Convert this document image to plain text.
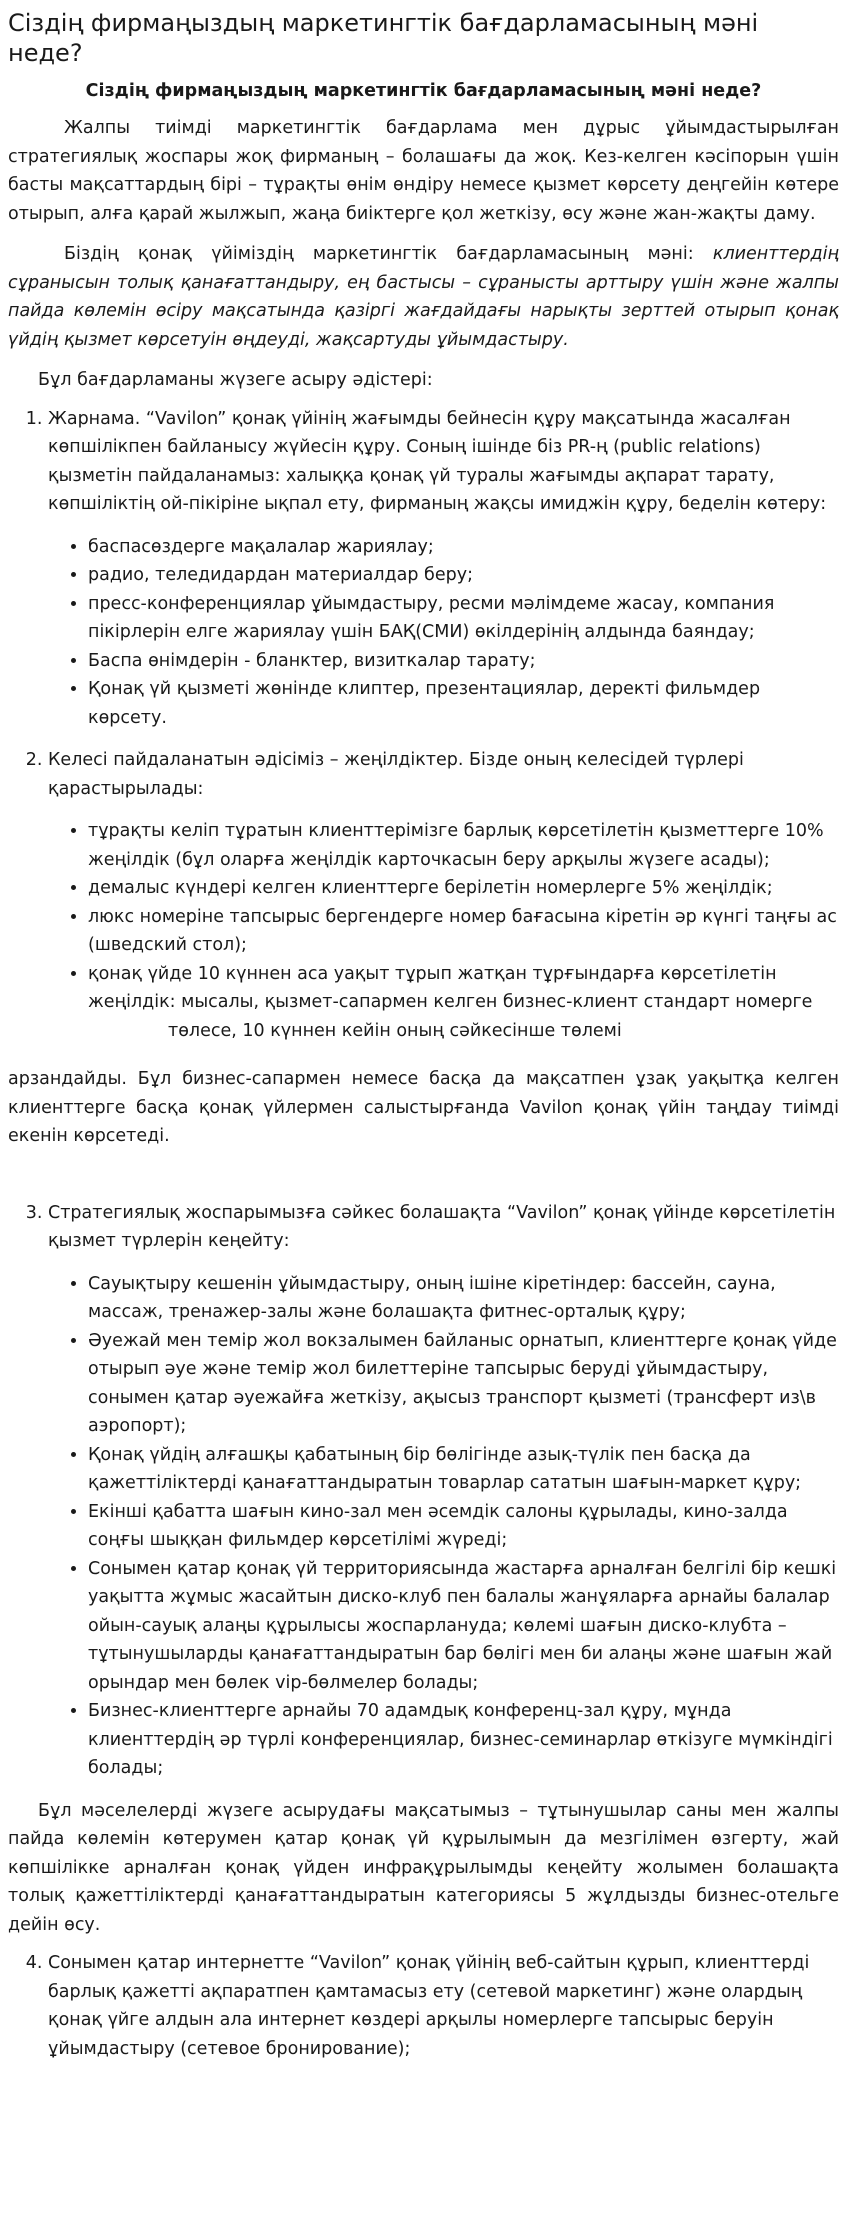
Сіздің фирмаңыздың маркетингтік бағдарламасының мәні неде?
Сіздің фирмаңыздың маркетингтік бағдарламасының мәні неде?

Жалпы тиімді маркетингтік бағдарлама мен дұрыс ұйымдастырылған стратегиялық жоспары жоқ фирманың – болашағы да жоқ. Кез-келген кәсіпорын үшін басты мақсаттардың бірі – тұрақты өнім өндіру немесе қызмет көрсету деңгейін көтере отырып, алға қарай жылжып, жаңа биіктерге қол жеткізу, өсу және жан-жақты даму.

Біздің қонақ үйіміздің маркетингтік бағдарламасының мәні: клиенттердің сұранысын толық қанағаттандыру, ең бастысы – сұранысты арттыру үшін және жалпы пайда көлемін өсіру мақсатында қазіргі жағдайдағы нарықты зерттей отырып қонақ үйдің қызмет көрсетуін өңдеуді, жақсартуды ұйымдастыру.

Бұл бағдарламаны жүзеге асыру әдістері:

1. Жарнама. “Vavilon” қонақ үйінің жағымды бейнесін құру мақсатында жасалған көпшілікпен байланысу жүйесін құру. Соның ішінде біз PR-ң (public relations) қызметін пайдаланамыз: халыққа қонақ үй туралы жағымды ақпарат тарату, көпшіліктің ой-пікіріне ықпал ету, фирманың жақсы имиджін құру, беделін көтеру:
• баспасөздерге мақалалар жариялау;
• радио, теледидардан материалдар беру;
• пресс-конференциялар ұйымдастыру, ресми мәлімдеме жасау, компания пікірлерін елге жариялау үшін БАҚ(СМИ) өкілдерінің алдында баяндау;
• Баспа өнімдерін - бланктер, визиткалар тарату;
• Қонақ үй қызметі жөнінде клиптер, презентациялар, деректі фильмдер көрсету.
2. Келесі пайдаланатын әдісіміз – жеңілдіктер. Бізде оның келесідей түрлері қарастырылады:
• тұрақты келіп тұратын клиенттерімізге барлық көрсетілетін қызметтерге 10% жеңілдік (бұл оларға жеңілдік карточкасын беру арқылы жүзеге асады);
• демалыс күндері келген клиенттерге берілетін номерлерге 5% жеңілдік;
• люкс номеріне тапсырыс бергендерге номер бағасына кіретін әр күнгі таңғы ас (шведский стол);
• қонақ үйде 10 күннен аса уақыт тұрып жатқан тұрғындарға көрсетілетін жеңілдік: мысалы, қызмет-сапармен келген бизнес-клиент стандарт номергетөлесе, 10 күннен кейін оның сәйкесінше төлемі

арзандайды. Бұл бизнес-сапармен немесе басқа да мақсатпен ұзақ уақытқа келген клиенттерге басқа қонақ үйлермен салыстырғанда Vavilon қонақ үйін таңдау тиімді екенін көрсетеді.

3. Стратегиялық жоспарымызға сәйкес болашақта “Vavilon” қонақ үйінде көрсетілетін қызмет түрлерін кеңейту:
• Сауықтыру кешенін ұйымдастыру, оның ішіне кіретіндер: бассейн, сауна, массаж, тренажер-залы және болашақта фитнес-орталық құру;
• Әуежай мен темір жол вокзалымен байланыс орнатып, клиенттерге қонақ үйде отырып әуе және темір жол билеттеріне тапсырыс беруді ұйымдастыру, сонымен қатар әуежайға жеткізу, ақысыз транспорт қызметі (трансферт из\в аэропорт);
• Қонақ үйдің алғашқы қабатының бір бөлігінде азық-түлік пен басқа да қажеттіліктерді қанағаттандыратын товарлар сататын шағын-маркет құру;
• Екінші қабатта шағын кино-зал мен әсемдік салоны құрылады, кино-залда соңғы шыққан фильмдер көрсетілімі жүреді;
• Сонымен қатар қонақ үй территориясында жастарға арналған белгілі бір кешкі уақытта жұмыс жасайтын диско-клуб пен балалы жанұяларға арнайы балалар ойын-сауық алаңы құрылысы жоспарлануда; көлемі шағын диско-клубта – тұтынушыларды қанағаттандыратын бар бөлігі мен би алаңы және шағын жай орындар мен бөлек vip-бөлмелер болады;
• Бизнес-клиенттерге арнайы 70 адамдық конференц-зал құру, мұнда клиенттердің әр түрлі конференциялар, бизнес-семинарлар өткізуге мүмкіндігі болады;

Бұл мәселелерді жүзеге асырудағы мақсатымыз – тұтынушылар саны мен жалпы пайда көлемін көтерумен қатар қонақ үй құрылымын да мезгілімен өзгерту, жай көпшілікке арналған қонақ үйден инфрақұрылымды кеңейту жолымен болашақта толық қажеттіліктерді қанағаттандыратын категориясы 5 жұлдызды бизнес-отельге дейін өсу.

4. Сонымен қатар интернетте “Vavilon” қонақ үйінің веб-сайтын құрып, клиенттерді барлық қажетті ақпаратпен қамтамасыз ету (сетевой маркетинг) және олардың қонақ үйге алдын ала интернет көздері арқылы номерлерге тапсырыс беруін ұйымдастыру (сетевое бронирование);
